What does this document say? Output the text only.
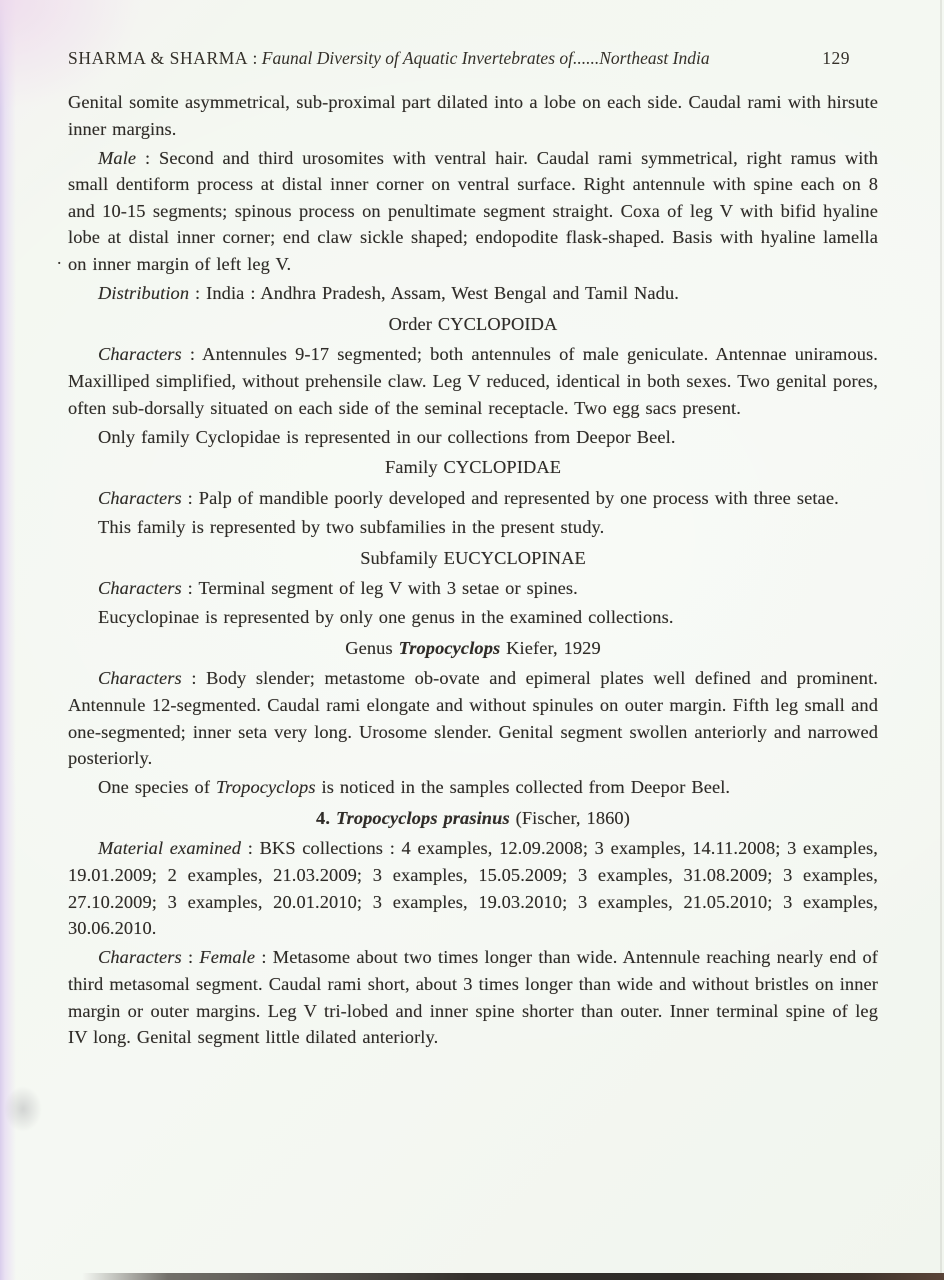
SHARMA & SHARMA : Faunal Diversity of Aquatic Invertebrates of......Northeast India	129

Genital somite asymmetrical, sub-proximal part dilated into a lobe on each side. Caudal rami with hirsute inner margins.

Male : Second and third urosomites with ventral hair. Caudal rami symmetrical, right ramus with small dentiform process at distal inner corner on ventral surface. Right antennule with spine each on 8 and 10-15 segments; spinous process on penultimate segment straight. Coxa of leg V with bifid hyaline lobe at distal inner corner; end claw sickle shaped; endopodite flask-shaped. Basis with hyaline lamella on inner margin of left leg V.

Distribution : India : Andhra Pradesh, Assam, West Bengal and Tamil Nadu.

Order CYCLOPOIDA

Characters : Antennules 9-17 segmented; both antennules of male geniculate. Antennae uniramous. Maxilliped simplified, without prehensile claw. Leg V reduced, identical in both sexes. Two genital pores, often sub-dorsally situated on each side of the seminal receptacle. Two egg sacs present.

Only family Cyclopidae is represented in our collections from Deepor Beel.

Family CYCLOPIDAE

Characters : Palp of mandible poorly developed and represented by one process with three setae.

This family is represented by two subfamilies in the present study.

Subfamily EUCYCLOPINAE

Characters : Terminal segment of leg V with 3 setae or spines.

Eucyclopinae is represented by only one genus in the examined collections.

Genus Tropocyclops Kiefer, 1929

Characters : Body slender; metastome ob-ovate and epimeral plates well defined and prominent. Antennule 12-segmented. Caudal rami elongate and without spinules on outer margin. Fifth leg small and one-segmented; inner seta very long. Urosome slender. Genital segment swollen anteriorly and narrowed posteriorly.

One species of Tropocyclops is noticed in the samples collected from Deepor Beel.

4. Tropocyclops prasinus (Fischer, 1860)

Material examined : BKS collections : 4 examples, 12.09.2008; 3 examples, 14.11.2008; 3 examples, 19.01.2009; 2 examples, 21.03.2009; 3 examples, 15.05.2009; 3 examples, 31.08.2009; 3 examples, 27.10.2009; 3 examples, 20.01.2010; 3 examples, 19.03.2010; 3 examples, 21.05.2010; 3 examples, 30.06.2010.

Characters : Female : Metasome about two times longer than wide. Antennule reaching nearly end of third metasomal segment. Caudal rami short, about 3 times longer than wide and without bristles on inner margin or outer margins. Leg V tri-lobed and inner spine shorter than outer. Inner terminal spine of leg IV long. Genital segment little dilated anteriorly.

.
